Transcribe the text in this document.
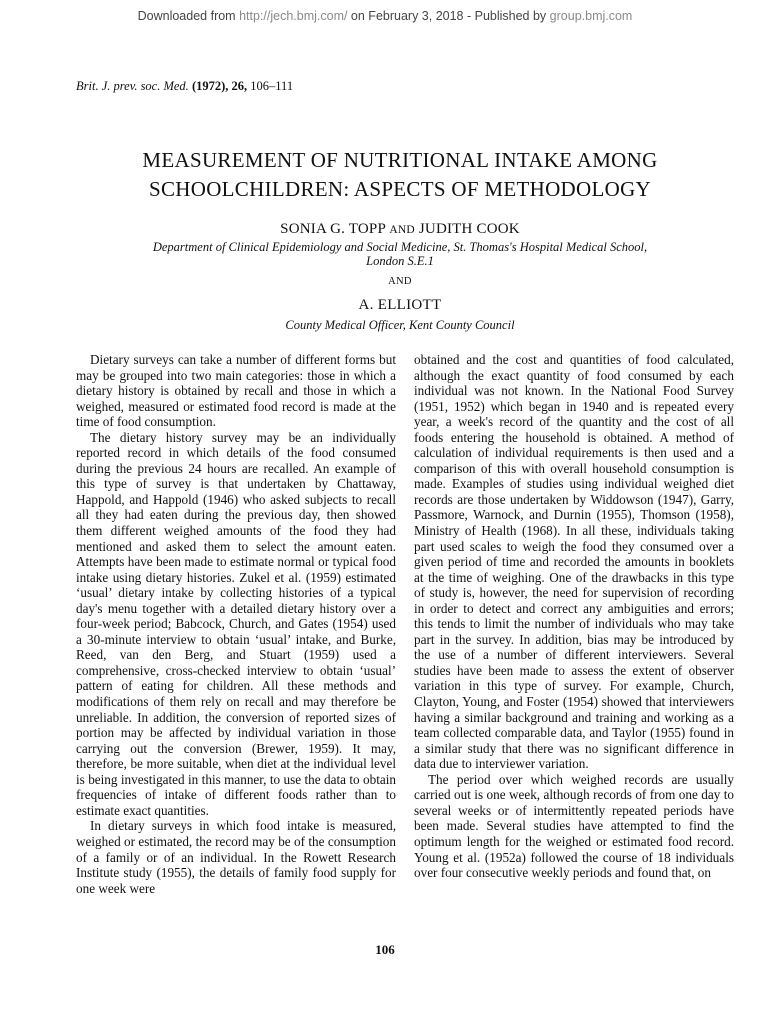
Downloaded from http://jech.bmj.com/ on February 3, 2018 - Published by group.bmj.com
Brit. J. prev. soc. Med. (1972), 26, 106–111
MEASUREMENT OF NUTRITIONAL INTAKE AMONG
SCHOOLCHILDREN: ASPECTS OF METHODOLOGY
SONIA G. TOPP AND JUDITH COOK
Department of Clinical Epidemiology and Social Medicine, St. Thomas's Hospital Medical School,
London S.E.1
AND
A. ELLIOTT
County Medical Officer, Kent County Council

Dietary surveys can take a number of different forms but may be grouped into two main categories: those in which a dietary history is obtained by recall and those in which a weighed, measured or estimated food record is made at the time of food consumption.

The dietary history survey may be an individually reported record in which details of the food consumed during the previous 24 hours are recalled. An example of this type of survey is that undertaken by Chattaway, Happold, and Happold (1946) who asked subjects to recall all they had eaten during the previous day, then showed them different weighed amounts of the food they had mentioned and asked them to select the amount eaten. Attempts have been made to estimate normal or typical food intake using dietary histories. Zukel et al. (1959) estimated ‘usual’ dietary intake by collecting histories of a typical day's menu together with a detailed dietary history over a four-week period; Babcock, Church, and Gates (1954) used a 30-minute interview to obtain ‘usual’ intake, and Burke, Reed, van den Berg, and Stuart (1959) used a comprehensive, cross-checked interview to obtain ‘usual’ pattern of eating for children. All these methods and modifications of them rely on recall and may therefore be unreliable. In addition, the conversion of reported sizes of portion may be affected by individual variation in those carrying out the conversion (Brewer, 1959). It may, therefore, be more suitable, when diet at the individual level is being investigated in this manner, to use the data to obtain frequencies of intake of different foods rather than to estimate exact quantities.

In dietary surveys in which food intake is measured, weighed or estimated, the record may be of the consumption of a family or of an individual. In the Rowett Research Institute study (1955), the details of family food supply for one week were

obtained and the cost and quantities of food calculated, although the exact quantity of food consumed by each individual was not known. In the National Food Survey (1951, 1952) which began in 1940 and is repeated every year, a week's record of the quantity and the cost of all foods entering the household is obtained. A method of calculation of individual requirements is then used and a comparison of this with overall household consumption is made. Examples of studies using individual weighed diet records are those undertaken by Widdowson (1947), Garry, Passmore, Warnock, and Durnin (1955), Thomson (1958), Ministry of Health (1968). In all these, individuals taking part used scales to weigh the food they consumed over a given period of time and recorded the amounts in booklets at the time of weighing. One of the drawbacks in this type of study is, however, the need for supervision of recording in order to detect and correct any ambiguities and errors; this tends to limit the number of individuals who may take part in the survey. In addition, bias may be introduced by the use of a number of different interviewers. Several studies have been made to assess the extent of observer variation in this type of survey. For example, Church, Clayton, Young, and Foster (1954) showed that interviewers having a similar background and training and working as a team collected comparable data, and Taylor (1955) found in a similar study that there was no significant difference in data due to interviewer variation.

The period over which weighed records are usually carried out is one week, although records of from one day to several weeks or of intermittently repeated periods have been made. Several studies have attempted to find the optimum length for the weighed or estimated food record. Young et al. (1952a) followed the course of 18 individuals over four consecutive weekly periods and found that, on

106
